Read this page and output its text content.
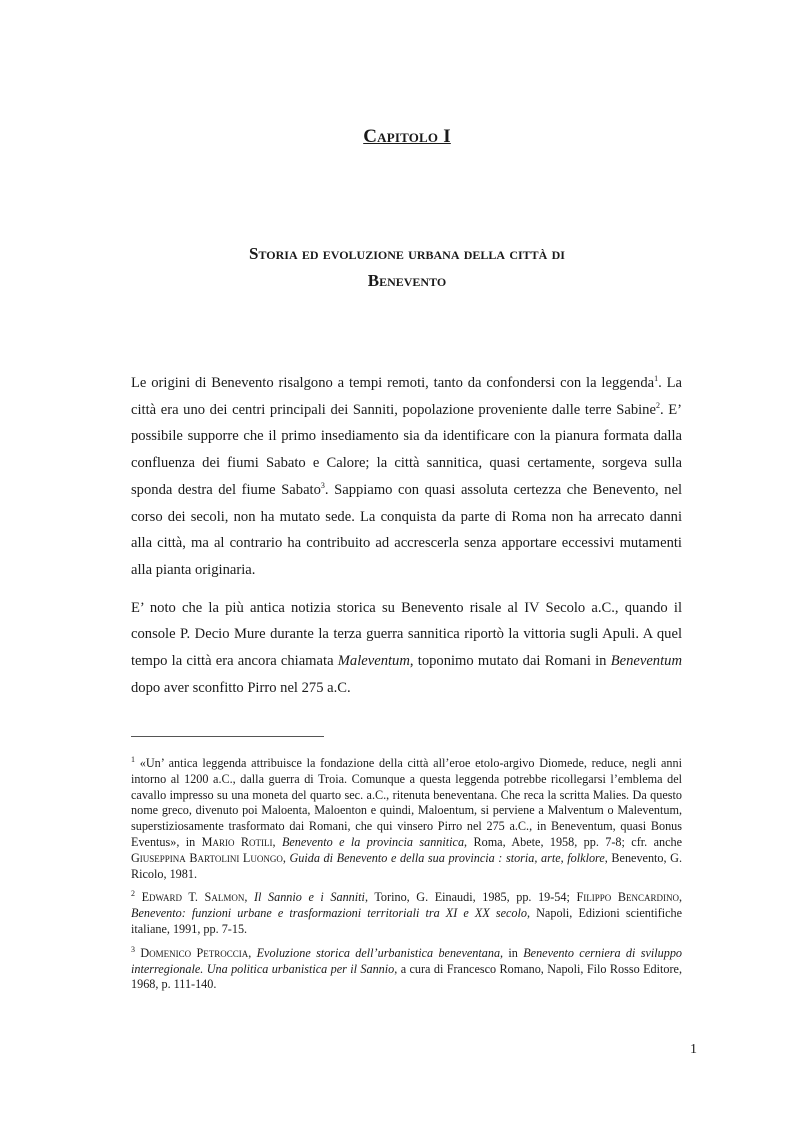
Capitolo I
Storia ed evoluzione urbana della città di
Benevento

Le origini di Benevento risalgono a tempi remoti, tanto da confondersi con la leggenda$^1$. La città era uno dei centri principali dei Sanniti, popolazione proveniente dalle terre Sabine$^2$. E’ possibile supporre che il primo insediamento sia da identificare con la pianura formata dalla confluenza dei fiumi Sabato e Calore; la città sannitica, quasi certamente, sorgeva sulla sponda destra del fiume Sabato$^3$. Sappiamo con quasi assoluta certezza che Benevento, nel corso dei secoli, non ha mutato sede. La conquista da parte di Roma non ha arrecato danni alla città, ma al contrario ha contribuito ad accrescerla senza apportare eccessivi mutamenti alla pianta originaria.

E’ noto che la più antica notizia storica su Benevento risale al IV Secolo a.C., quando il console P. Decio Mure durante la terza guerra sannitica riportò la vittoria sugli Apuli. A quel tempo la città era ancora chiamata Maleventum, toponimo mutato dai Romani in Beneventum dopo aver sconfitto Pirro nel 275 a.C.

$^1$ «Un’ antica leggenda attribuisce la fondazione della città all’eroe etolo-argivo Diomede, reduce, negli anni intorno al 1200 a.C., dalla guerra di Troia. Comunque a questa leggenda potrebbe ricollegarsi l’emblema del cavallo impresso su una moneta del quarto sec. a.C., ritenuta beneventana. Che reca la scritta Malies. Da questo nome greco, divenuto poi Maloenta, Maloenton e quindi, Maloentum, si perviene a Malventum o Maleventum, superstiziosamente trasformato dai Romani, che qui vinsero Pirro nel 275 a.C., in Beneventum, quasi Bonus Eventus», in Mario Rotili, Benevento e la provincia sannitica, Roma, Abete, 1958, pp. 7-8; cfr. anche Giuseppina Bartolini Luongo, Guida di Benevento e della sua provincia : storia, arte, folklore, Benevento, G. Ricolo, 1981.

$^2$ Edward T. Salmon, Il Sannio e i Sanniti, Torino, G. Einaudi, 1985, pp. 19-54; Filippo Bencardino, Benevento: funzioni urbane e trasformazioni territoriali tra XI e XX secolo, Napoli, Edizioni scientifiche italiane, 1991, pp. 7-15.

$^3$ Domenico Petroccia, Evoluzione storica dell’urbanistica beneventana, in Benevento cerniera di sviluppo interregionale. Una politica urbanistica per il Sannio, a cura di Francesco Romano, Napoli, Filo Rosso Editore, 1968, p. 111-140.

1
